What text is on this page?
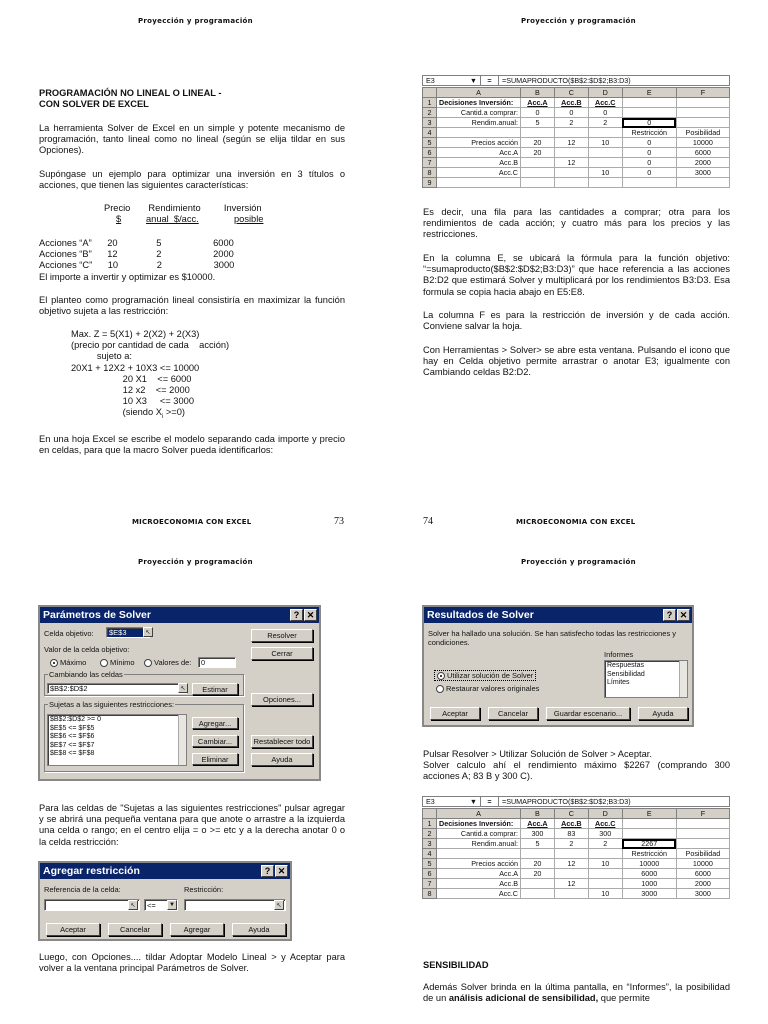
Proyección y programación
PROGRAMACIÓN NO LINEAL O LINEAL -
CON SOLVER DE EXCEL
La herramienta Solver de Excel en un simple y potente mecanismo de programación, tanto lineal como no lineal (según se elija tildar en sus Opciones).
Supóngase un ejemplo para optimizar una inversión en 3 títulos o acciones, que tienen las siguientes características:
Precio       Rendimiento         Inversión
$	anual  $/acc.	posible
Acciones “A”      20               5                    6000
Acciones “B”      12               2                    2000
Acciones “C”      10               2                    3000
El importe a invertir y optimizar es $10000.
El planteo como programación lineal consistiría en maximizar la función objetivo sujeta a las restricción:
Max. Z = 5(X1) + 2(X2) + 2(X3)
(precio por cantidad de cada    acción)
sujeto a:
20X1 + 12X2 + 10X3 <= 10000
20 X1    <= 6000
12 x2    <= 2000
10 X3     <= 3000
(siendo $X_i >=0$)
En una hoja Excel se escribe el modelo separando cada importe y precio en celdas, para que la macro Solver pueda identificarlos:
MICROECONOMIA CON EXCEL	73
Proyección y programación
E3	▼	=	=SUMAPRODUCTO($B$2:$D$2;B3:D3)
	A	B	C	D	E	F
1	Decisiones Inversión:	Acc.A	Acc.B	Acc.C		
2	Cantid.a comprar:	0	0	0		
3	Rendim.anual:	5	2	2	0	
4					Restricción	Posibilidad
5	Precios acción	20	12	10	0	10000
6	Acc.A	20			0	6000
7	Acc.B		12		0	2000
8	Acc.C			10	0	3000
9						
Es decir, una fila para las cantidades a comprar; otra para los rendimientos de cada acción; y cuatro más para los precios y las restricciones.
En la columna E, se ubicará la fórmula para la función objetivo: “=sumaproducto($B$2:$D$2;B3:D3)” que hace referencia a las acciones B2:D2 que estimará Solver y multiplicará por los rendimientos B3:D3. Esa formula se copia hacia abajo en E5:E8.
La columna F es para la restricción de inversión y de cada acción. Conviene salvar la hoja.
Con Herramientas > Solver> se abre esta ventana. Pulsando el icono que hay en Celda objetivo permite arrastrar o anotar E3; igualmente con Cambiando celdas B2:D2.
74	MICROECONOMIA CON EXCEL
Proyección y programación
Parámetros de Solver	? ✕
Celda objetivo:	$E$3	↖
Valor de la celda objetivo:
Máximo	Mínimo	Valores de:	0
Cambiando las celdas
$B$2:$D$2	↖	Estimar
Sujetas a las siguientes restricciones:
$B$2:$D$2 >= 0
$E$5 <= $F$5
$E$6 <= $F$6
$E$7 <= $F$7
$E$8 <= $F$8
Agregar...
Cambiar...
Eliminar
Resolver
Cerrar
Opciones...
Restablecer todo
Ayuda
Para las celdas de "Sujetas a las siguientes restricciones" pulsar agregar y se abrirá una pequeña ventana para que anote o arrastre a la izquierda una celda o rango; en el centro elija = o >= etc y a la derecha anotar 0 o la celda restricción:
Agregar restricción	? ✕
Referencia de la celda:	Restricción:
↖	<=	▼	↖
Aceptar	Cancelar	Agregar	Ayuda
Luego, con Opciones.... tildar Adoptar Modelo Lineal > y Aceptar para volver a la ventana principal Parámetros de Solver.
Proyección y programación
Resultados de Solver	? ✕
Solver ha hallado una solución. Se han satisfecho todas las restricciones y condiciones.
Informes
Respuestas
Sensibilidad
Límites
Utilizar solución de Solver
Restaurar valores originales
Aceptar	Cancelar	Guardar escenario...	Ayuda

Pulsar Resolver > Utilizar Solución de Solver > Aceptar.

Solver calculo ahí el rendimiento máximo $2267 (comprando 300 acciones A; 83 B y 300 C).

E3	▼	=	=SUMAPRODUCTO($B$2:$D$2;B3:D3)
	A	B	C	D	E	F
1	Decisiones Inversión:	Acc.A	Acc.B	Acc.C		
2	Cantid.a comprar:	300	83	300		
3	Rendim.anual:	5	2	2	2267	
4					Restricción	Posibilidad
5	Precios acción	20	12	10	10000	10000
6	Acc.A	20			6000	6000
7	Acc.B		12		1000	2000
8	Acc.C			10	3000	3000
SENSIBILIDAD
Además Solver brinda en la última pantalla, en “Informes”, la posibilidad de un análisis adicional de sensibilidad, que permite
